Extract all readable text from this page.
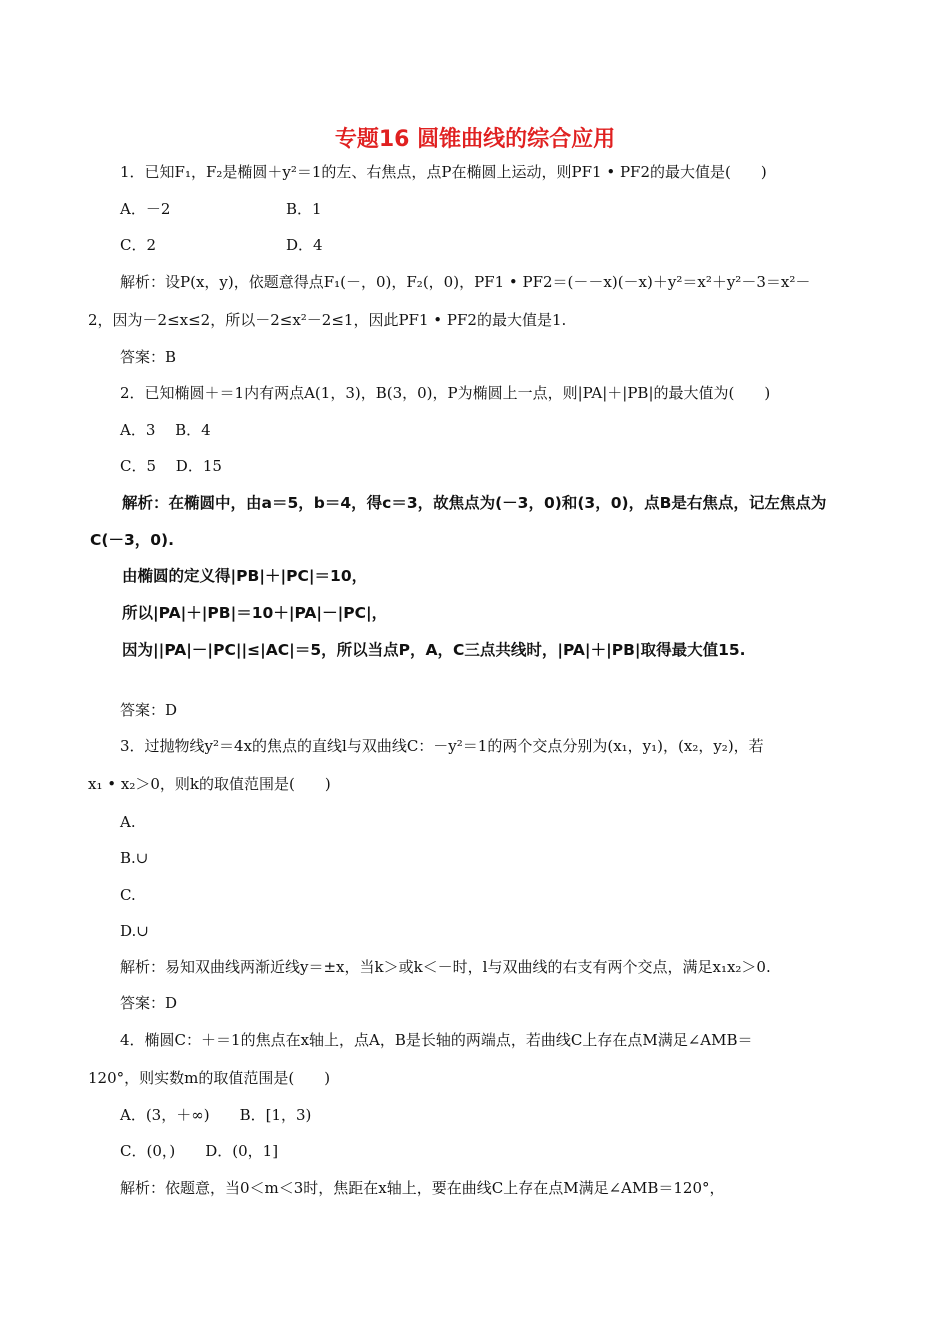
专题16 圆锥曲线的综合应用
1．已知F₁，F₂是椭圆＋y²＝1的左、右焦点，点P在椭圆上运动，则PF1 • PF2的最大值是(　　)
A．－2	B．1
C．2	D．4
解析：设P(x，y)，依题意得点F₁(－，0)，F₂(，0)，PF1 • PF2＝(－－x)(－x)＋y²＝x²＋y²－3＝x²－
2，因为－2≤x≤2，所以－2≤x²－2≤1，因此PF1 • PF2的最大值是1.
答案：B
2．已知椭圆＋＝1内有两点A(1，3)，B(3，0)，P为椭圆上一点，则|PA|＋|PB|的最大值为(　　)
A．3　 B．4
C．5　 D．15
解析：在椭圆中，由a＝5，b＝4，得c＝3，故焦点为(－3，0)和(3，0)，点B是右焦点，记左焦点为
C(－3，0).
由椭圆的定义得|PB|＋|PC|＝10，
所以|PA|＋|PB|＝10＋|PA|－|PC|，
因为||PA|－|PC||≤|AC|＝5，所以当点P，A，C三点共线时，|PA|＋|PB|取得最大值15.
答案：D
3．过抛物线y²＝4x的焦点的直线l与双曲线C：－y²＝1的两个交点分别为(x₁，y₁)，(x₂，y₂)，若
x₁ • x₂＞0，则k的取值范围是(　　)
A.
B.∪
C.
D.∪
解析：易知双曲线两渐近线y＝±x，当k＞或k＜－时，l与双曲线的右支有两个交点，满足x₁x₂＞0.
答案：D
4．椭圆C：＋＝1的焦点在x轴上，点A，B是长轴的两端点，若曲线C上存在点M满足∠AMB＝
120°，则实数m的取值范围是(　　)
A．(3，＋∞)　　B．[1，3)
C．(0，)　　D．(0，1]
解析：依题意，当0＜m＜3时，焦距在x轴上，要在曲线C上存在点M满足∠AMB＝120°，
